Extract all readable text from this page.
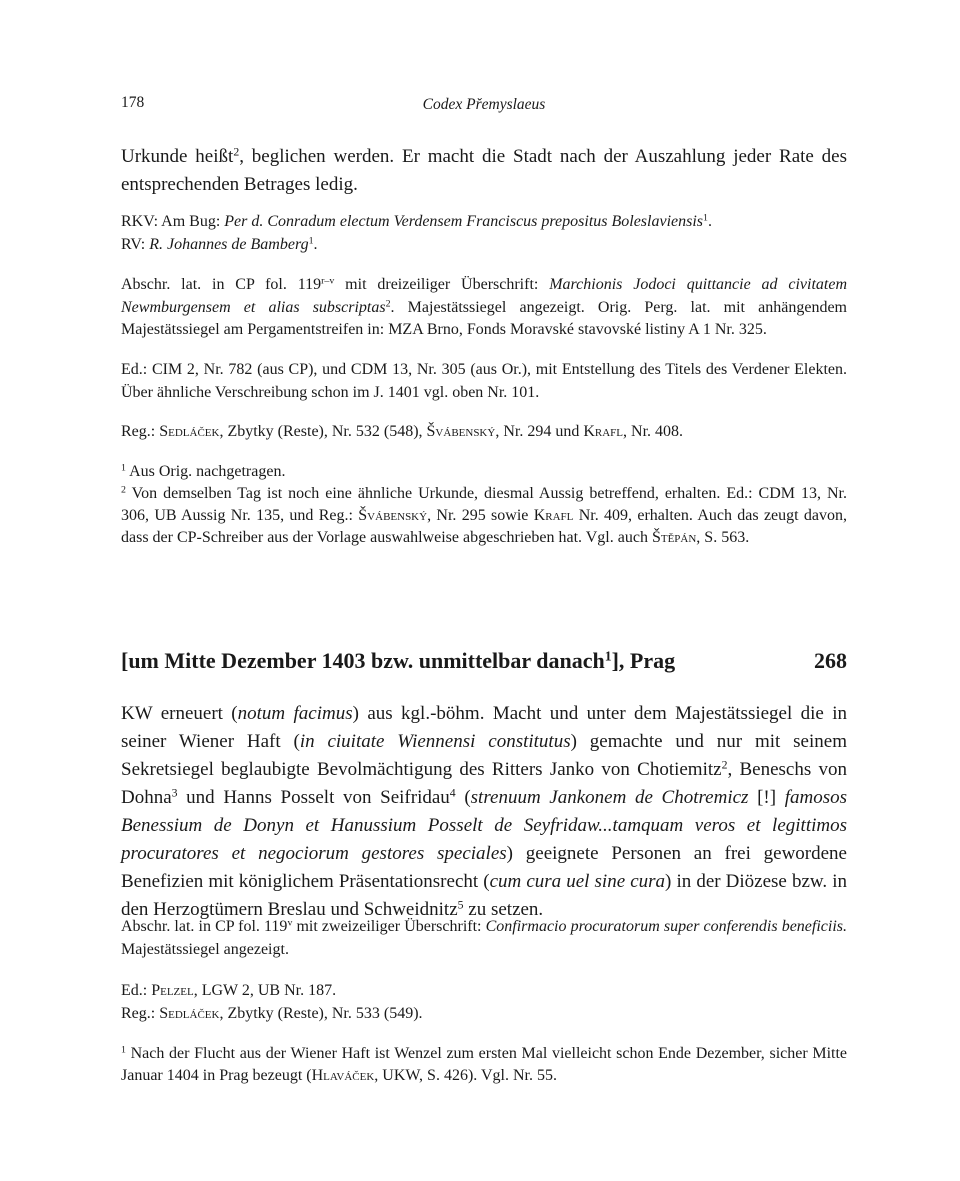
178	Codex Přemyslaeus

Urkunde heißt$^2$, beglichen werden. Er macht die Stadt nach der Auszahlung jeder Rate des entsprechenden Betrages ledig.

RKV: Am Bug: Per d. Conradum electum Verdensem Franciscus prepositus Boleslaviensis$^1$.

RV: R. Johannes de Bamberg$^1$.

Abschr. lat. in CP fol. 119$^{r-v}$ mit dreizeiliger Überschrift: Marchionis Jodoci quittancie ad civitatem Newmburgensem et alias subscriptas$^2$. Majestätssiegel angezeigt. Orig. Perg. lat. mit anhängendem Majestätssiegel am Pergamentstreifen in: MZA Brno, Fonds Moravské stavovské listiny A 1 Nr. 325.

Ed.: CIM 2, Nr. 782 (aus CP), und CDM 13, Nr. 305 (aus Or.), mit Entstellung des Titels des Verdener Elekten. Über ähnliche Verschreibung schon im J. 1401 vgl. oben Nr. 101.

Reg.: Sedláček, Zbytky (Reste), Nr. 532 (548), Švábenský, Nr. 294 und Krafl, Nr. 408.

$^1$ Aus Orig. nachgetragen.

$^2$ Von demselben Tag ist noch eine ähnliche Urkunde, diesmal Aussig betreffend, erhalten. Ed.: CDM 13, Nr. 306, UB Aussig Nr. 135, und Reg.: Švábenský, Nr. 295 sowie Krafl Nr. 409, erhalten. Auch das zeugt davon, dass der CP-Schreiber aus der Vorlage auswahlweise abgeschrieben hat. Vgl. auch Štěpán, S. 563.

[um Mitte Dezember 1403 bzw. unmittelbar danach$^1$], Prag	268

KW erneuert (notum facimus) aus kgl.-böhm. Macht und unter dem Majestätssiegel die in seiner Wiener Haft (in ciuitate Wiennensi constitutus) gemachte und nur mit seinem Sekretsiegel beglaubigte Bevolmächtigung des Ritters Janko von Chotiemitz$^2$, Beneschs von Dohna$^3$ und Hanns Posselt von Seifridau$^4$ (strenuum Jankonem de Chotremicz [!] famosos Benessium de Donyn et Hanussium Posselt de Seyfridaw...tamquam veros et legittimos procuratores et negociorum gestores speciales) geeignete Personen an frei gewordene Benefizien mit königlichem Präsentationsrecht (cum cura uel sine cura) in der Diözese bzw. in den Herzogtümern Breslau und Schweidnitz$^5$ zu setzen.

Abschr. lat. in CP fol. 119$^v$ mit zweizeiliger Überschrift: Confirmacio procuratorum super conferendis beneficiis. Majestätssiegel angezeigt.

Ed.: Pelzel, LGW 2, UB Nr. 187.

Reg.: Sedláček, Zbytky (Reste), Nr. 533 (549).

$^1$ Nach der Flucht aus der Wiener Haft ist Wenzel zum ersten Mal vielleicht schon Ende Dezember, sicher Mitte Januar 1404 in Prag bezeugt (Hlaváček, UKW, S. 426). Vgl. Nr. 55.
